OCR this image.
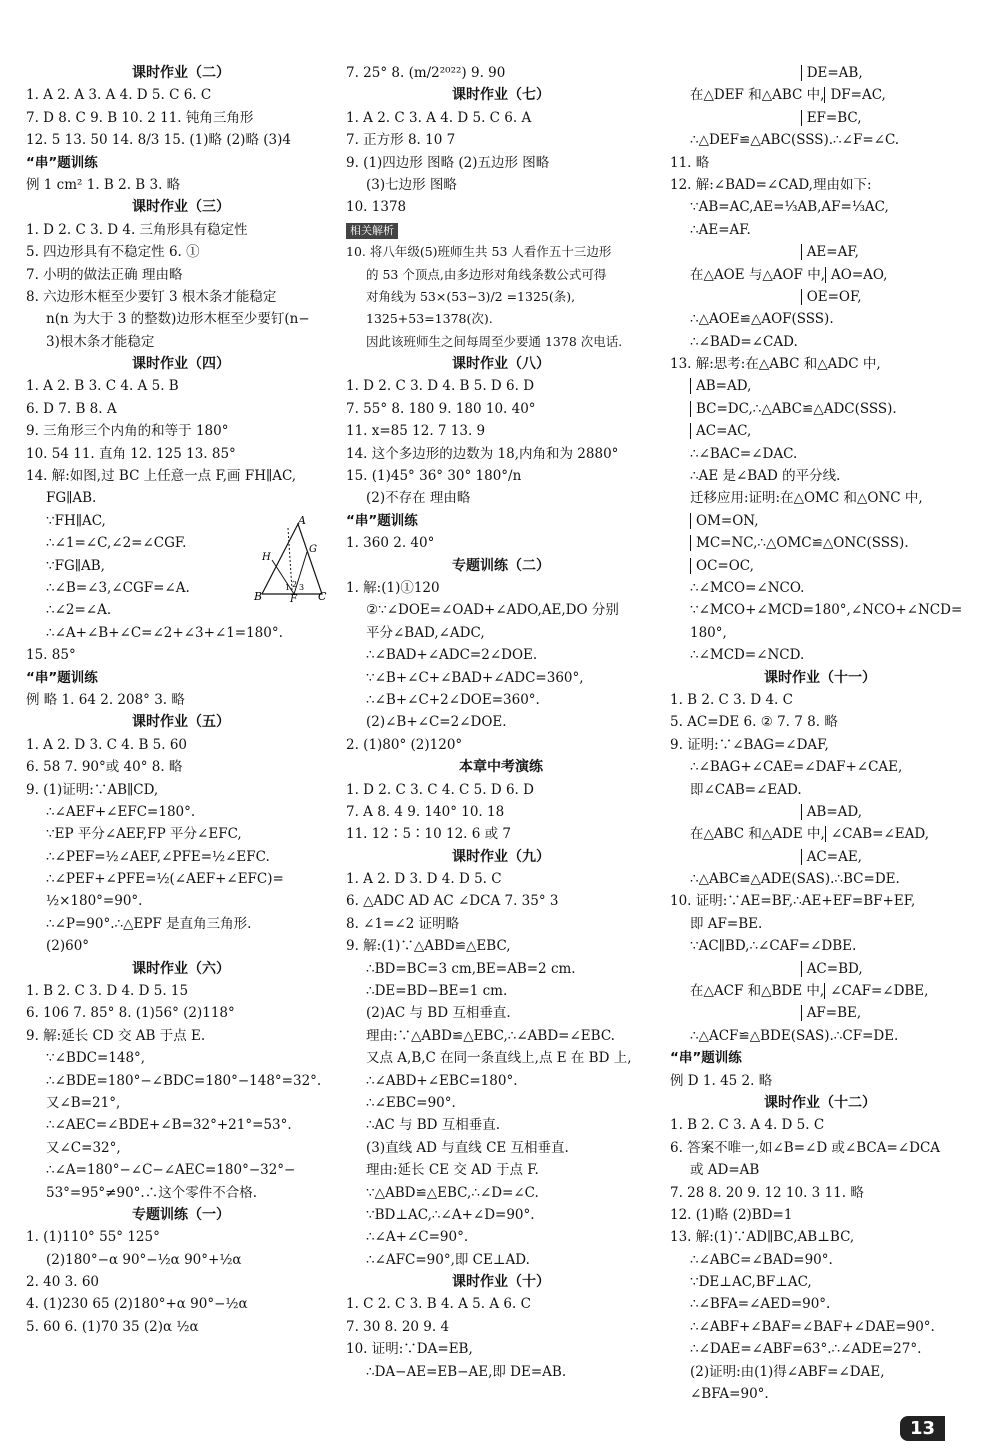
课时作业（二）
1. A 2. A 3. A 4. D 5. C 6. C
7. D 8. C 9. B 10. 2 11. 钝角三角形
12. 5 13. 50 14. 8/3 15. (1)略 (2)略 (3)4
“串”题训练
例 1 cm² 1. B 2. B 3. 略
课时作业（三）
1. D 2. C 3. D 4. 三角形具有稳定性
5. 四边形具有不稳定性 6. ①
7. 小明的做法正确 理由略
8. 六边形木框至少要钉 3 根木条才能稳定
n(n 为大于 3 的整数)边形木框至少要钉(n−
3)根木条才能稳定
课时作业（四）
1. A 2. B 3. C 4. A 5. B
6. D 7. B 8. A
9. 三角形三个内角的和等于 180°
10. 54 11. 直角 12. 125 13. 85°
14. 解:如图,过 BC 上任意一点 F,画 FH∥AC,
FG∥AB.
∵FH∥AC,
∴∠1=∠C,∠2=∠CGF.
∵FG∥AB,
∴∠B=∠3,∠CGF=∠A.
∴∠2=∠A.
∴∠A+∠B+∠C=∠2+∠3+∠1=180°.
15. 85°
“串”题训练
例 略 1. 64 2. 208° 3. 略
课时作业（五）
1. A 2. D 3. C 4. B 5. 60
6. 58 7. 90°或 40° 8. 略
9. (1)证明:∵AB∥CD,
∴∠AEF+∠EFC=180°.
∵EP 平分∠AEF,FP 平分∠EFC,
∴∠PEF=½∠AEF,∠PFE=½∠EFC.
∴∠PEF+∠PFE=½(∠AEF+∠EFC)=
½×180°=90°.
∴∠P=90°.∴△EPF 是直角三角形.
(2)60°
课时作业（六）
1. B 2. C 3. D 4. D 5. 15
6. 106 7. 85° 8. (1)56° (2)118°
9. 解:延长 CD 交 AB 于点 E.
∵∠BDC=148°,
∴∠BDE=180°−∠BDC=180°−148°=32°.
又∠B=21°,
∴∠AEC=∠BDE+∠B=32°+21°=53°.
又∠C=32°,
∴∠A=180°−∠C−∠AEC=180°−32°−
53°=95°≠90°.∴这个零件不合格.
专题训练（一）
1. (1)110° 55° 125°
(2)180°−α 90°−½α 90°+½α
2. 40 3. 60
4. (1)230 65 (2)180°+α 90°−½α
5. 60 6. (1)70 35 (2)α ½α
7. 25° 8. (m/2²⁰²²) 9. 90
课时作业（七）
1. A 2. C 3. A 4. D 5. C 6. A
7. 正方形 8. 10 7
9. (1)四边形 图略 (2)五边形 图略
(3)七边形 图略
10. 1378
相关解析
10. 将八年级(5)班师生共 53 人看作五十三边形
的 53 个顶点,由多边形对角线条数公式可得
对角线为 53×(53−3)/2 =1325(条),
1325+53=1378(次).
因此该班师生之间每周至少要通 1378 次电话.
课时作业（八）
1. D 2. C 3. D 4. B 5. D 6. D
7. 55° 8. 180 9. 180 10. 40°
11. x=85 12. 7 13. 9
14. 这个多边形的边数为 18,内角和为 2880°
15. (1)45° 36° 30° 180°/n
(2)不存在 理由略
“串”题训练
1. 360 2. 40°
专题训练（二）
1. 解:(1)①120
②∵∠DOE=∠OAD+∠ADO,AE,DO 分别
平分∠BAD,∠ADC,
∴∠BAD+∠ADC=2∠DOE.
∵∠B+∠C+∠BAD+∠ADC=360°,
∴∠B+∠C+2∠DOE=360°.
(2)∠B+∠C=2∠DOE.
2. (1)80° (2)120°
本章中考演练
1. D 2. C 3. C 4. C 5. D 6. D
7. A 8. 4 9. 140° 10. 18
11. 12∶5∶10 12. 6 或 7
课时作业（九）
1. A 2. D 3. D 4. D 5. C
6. △ADC AD AC ∠DCA 7. 35° 3
8. ∠1=∠2 证明略
9. 解:(1)∵△ABD≌△EBC,
∴BD=BC=3 cm,BE=AB=2 cm.
∴DE=BD−BE=1 cm.
(2)AC 与 BD 互相垂直.
理由:∵△ABD≌△EBC,∴∠ABD=∠EBC.
又点 A,B,C 在同一条直线上,点 E 在 BD 上,
∴∠ABD+∠EBC=180°.
∴∠EBC=90°.
∴AC 与 BD 互相垂直.
(3)直线 AD 与直线 CE 互相垂直.
理由:延长 CE 交 AD 于点 F.
∵△ABD≌△EBC,∴∠D=∠C.
∵BD⊥AC,∴∠A+∠D=90°.
∴∠A+∠C=90°.
∴∠AFC=90°,即 CE⊥AD.
课时作业（十）
1. C 2. C 3. B 4. A 5. A 6. C
7. 30 8. 20 9. 4
10. 证明:∵DA=EB,
∴DA−AE=EB−AE,即 DE=AB.
DE=AB,
在△DEF 和△ABC 中, DF=AC,
EF=BC,
∴△DEF≌△ABC(SSS).∴∠F=∠C.
11. 略
12. 解:∠BAD=∠CAD,理由如下:
∵AB=AC,AE=⅓AB,AF=⅓AC,
∴AE=AF.
AE=AF,
在△AOE 与△AOF 中, AO=AO,
OE=OF,
∴△AOE≌△AOF(SSS).
∴∠BAD=∠CAD.
13. 解:思考:在△ABC 和△ADC 中,
AB=AD,
BC=DC,∴△ABC≌△ADC(SSS).
AC=AC,
∴∠BAC=∠DAC.
∴AE 是∠BAD 的平分线.
迁移应用:证明:在△OMC 和△ONC 中,
OM=ON,
MC=NC,∴△OMC≌△ONC(SSS).
OC=OC,
∴∠MCO=∠NCO.
∵∠MCO+∠MCD=180°,∠NCO+∠NCD=
180°,
∴∠MCD=∠NCD.
课时作业（十一）
1. B 2. C 3. D 4. C
5. AC=DE 6. ② 7. 7 8. 略
9. 证明:∵∠BAG=∠DAF,
∴∠BAG+∠CAE=∠DAF+∠CAE,
即∠CAB=∠EAD.
AB=AD,
在△ABC 和△ADE 中, ∠CAB=∠EAD,
AC=AE,
∴△ABC≌△ADE(SAS).∴BC=DE.
10. 证明:∵AE=BF,∴AE+EF=BF+EF,
即 AF=BE.
∵AC∥BD,∴∠CAF=∠DBE.
AC=BD,
在△ACF 和△BDE 中, ∠CAF=∠DBE,
AF=BE,
∴△ACF≌△BDE(SAS).∴CF=DE.
“串”题训练
例 D 1. 45 2. 略
课时作业（十二）
1. B 2. C 3. A 4. D 5. C
6. 答案不唯一,如∠B=∠D 或∠BCA=∠DCA
或 AD=AB
7. 28 8. 20 9. 12 10. 3 11. 略
12. (1)略 (2)BD=1
13. 解:(1)∵AD∥BC,AB⊥BC,
∴∠ABC=∠BAD=90°.
∵DE⊥AC,BF⊥AC,
∴∠BFA=∠AED=90°.
∴∠ABF+∠BAF=∠BAF+∠DAE=90°.
∴∠DAE=∠ABF=63°.∴∠ADE=27°.
(2)证明:由(1)得∠ABF=∠DAE,
∠BFA=90°.
A
B	C
F
G
H
1 2 3
13
